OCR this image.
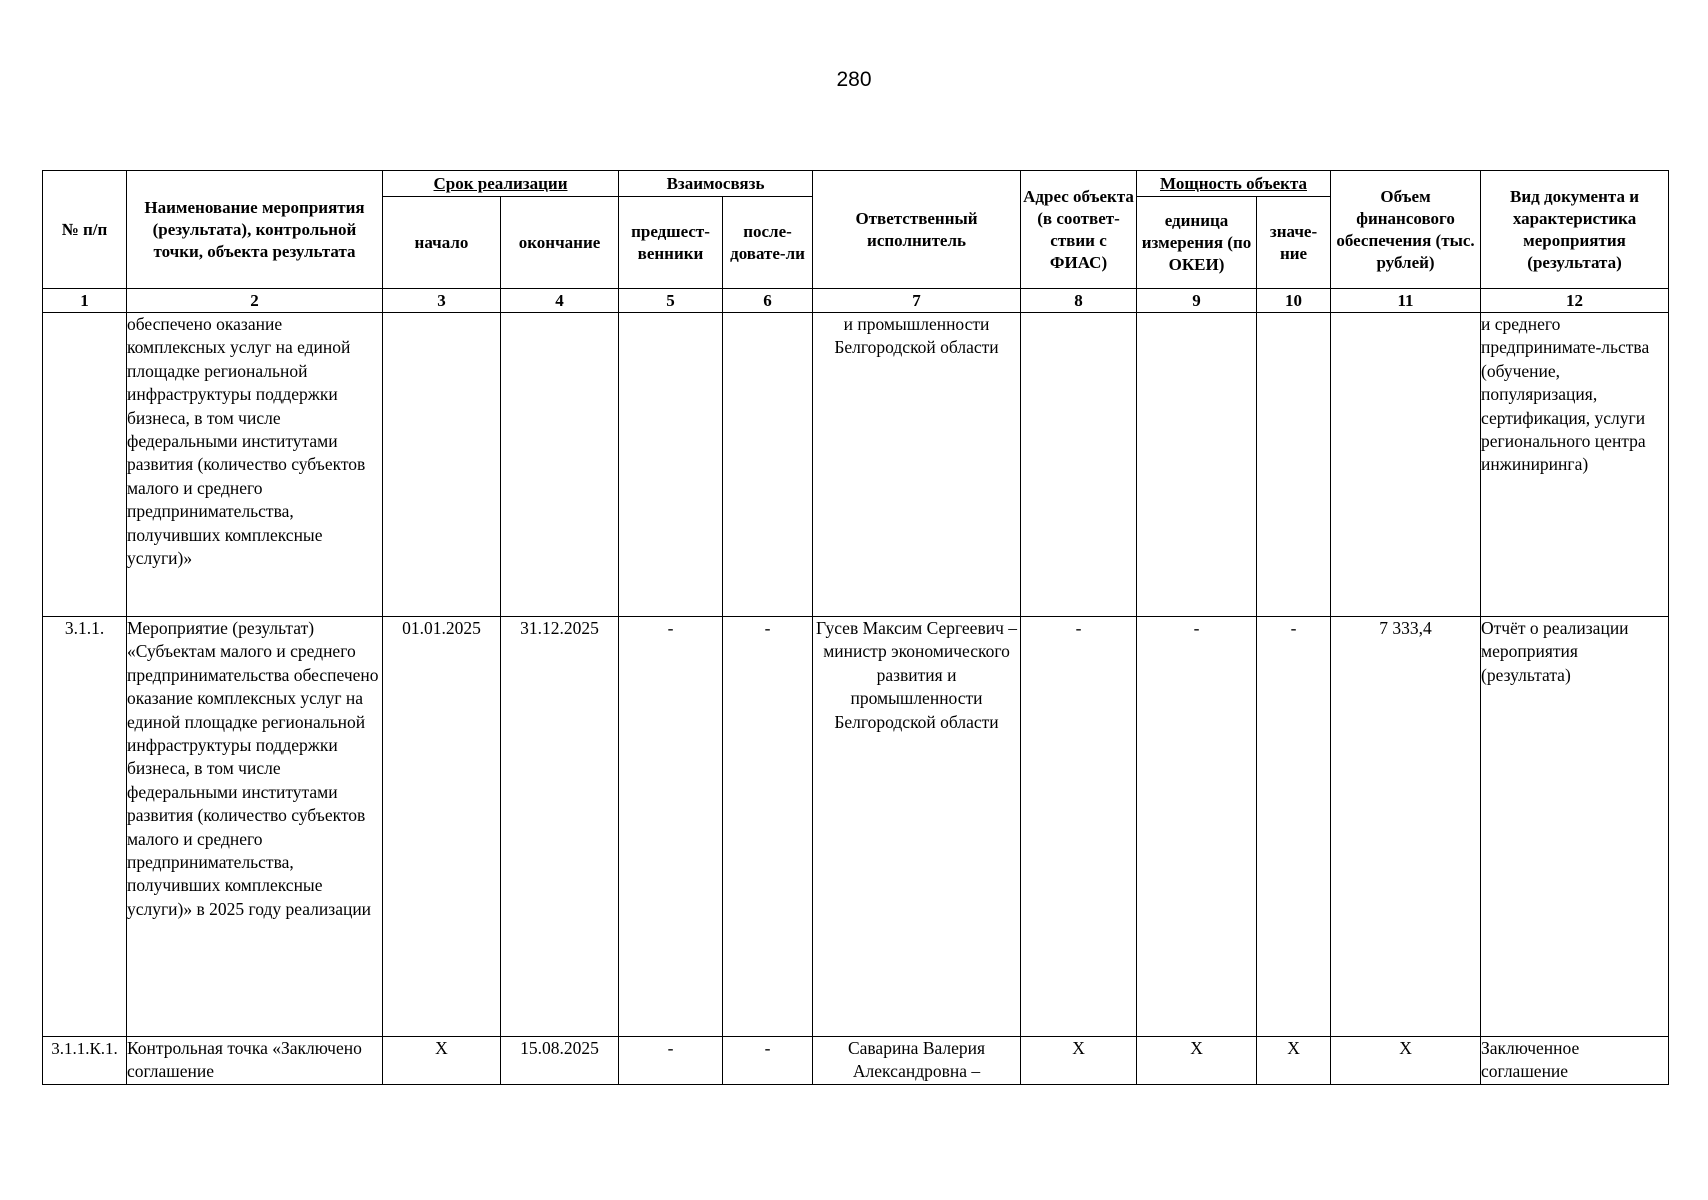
280
№ п/п	Наименование мероприятия (результата), контрольной точки, объекта результата	Срок реализации		Взаимосвязь		Ответственный исполнитель	Адрес объекта (в соответ-ствии с ФИАС)	Мощность объекта		Объем финансового обеспечения (тыс. рублей)	Вид документа и характеристика мероприятия (результата)
		начало	окончание	предшест-венники	после-довате-ли			единица измерения (по ОКЕИ)	значе-ние		
1	2	3	4	5	6	7	8	9	10	11	12
	обеспечено оказание комплексных услуг на единой площадке региональной инфраструктуры поддержки бизнеса, в том числе федеральными институтами развития (количество субъектов малого и среднего предпринимательства, получивших комплексные услуги)»					и промышленности Белгородской области					и среднего предпринимате-льства (обучение, популяризация, сертификация, услуги регионального центра инжиниринга)
3.1.1.	Мероприятие (результат) «Субъектам малого и среднего предпринимательства обеспечено оказание комплексных услуг на единой площадке региональной инфраструктуры поддержки бизнеса, в том числе федеральными институтами развития (количество субъектов малого и среднего предпринимательства, получивших комплексные услуги)» в 2025 году реализации	01.01.2025	31.12.2025	-	-	Гусев Максим Сергеевич – министр экономического развития и промышленности Белгородской области	-	-	-	7 333,4	Отчёт о реализации мероприятия (результата)
3.1.1.К.1.	Контрольная точка «Заключено соглашение	Х	15.08.2025	-	-	Саварина Валерия Александровна –	Х	Х	Х	Х	Заключенное соглашение
